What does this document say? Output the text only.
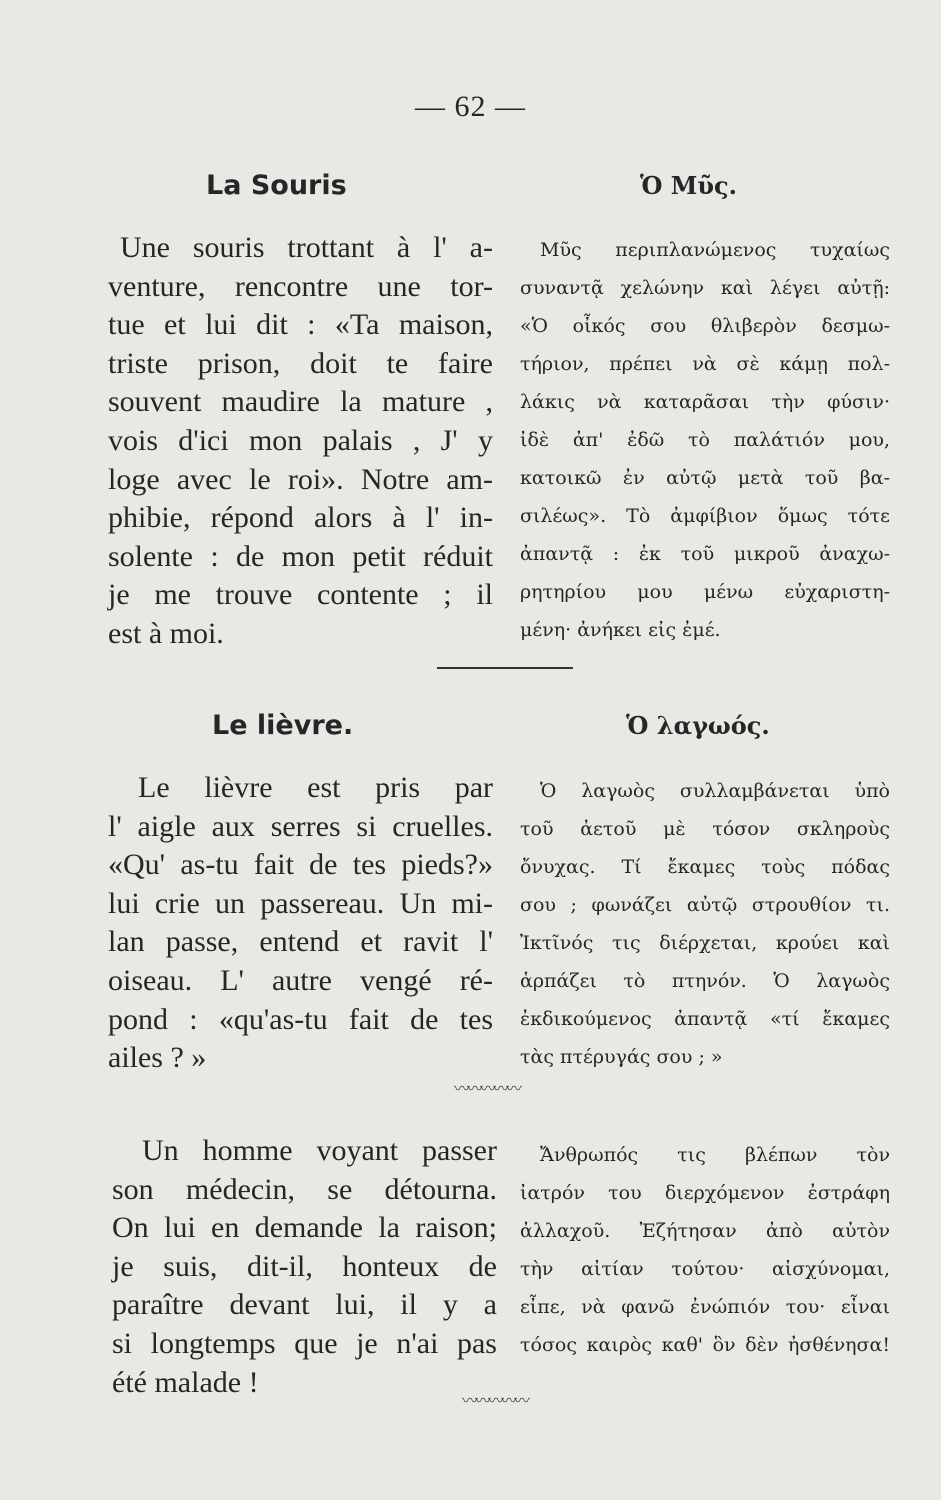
— 62 —
La Souris	Ὁ Μῦς.
Une souris trottant à l' a-
venture, rencontre une tor-
tue et lui dit : «Ta maison,
triste prison, doit te faire
souvent maudire la mature ,
vois d'ici mon palais , J' y
loge avec le roi». Notre am-
phibie, répond alors à l' in-
solente : de mon petit réduit
je me trouve contente ; il
est à moi.
Μῦς περιπλανώμενος τυχαίως
συναντᾷ χελώνην καὶ λέγει αὐτῇ:
«Ὁ οἶκός σου θλιβερὸν δεσμω-
τήριον, πρέπει νὰ σὲ κάμῃ πολ-
λάκις νὰ καταρᾶσαι τὴν φύσιν·
ἰδὲ ἀπ' ἐδῶ τὸ παλάτιόν μου,
κατοικῶ ἐν αὐτῷ μετὰ τοῦ βα-
σιλέως». Τὸ ἀμφίβιον ὅμως τότε
ἀπαντᾷ : ἐκ τοῦ μικροῦ ἀναχω-
ρητηρίου μου μένω εὐχαριστη-
μένη· ἀνήκει εἰς ἐμέ.
Le lièvre.	Ὁ λαγωός.
Le lièvre est pris par
l' aigle aux serres si cruelles.
«Qu' as-tu fait de tes pieds?»
lui crie un passereau. Un mi-
lan passe, entend et ravit l'
oiseau. L' autre vengé ré-
pond : «qu'as-tu fait de tes
ailes ? »
Ὁ λαγωὸς συλλαμβάνεται ὑπὸ
τοῦ ἀετοῦ μὲ τόσον σκληροὺς
ὄνυχας. Τί ἔκαμες τοὺς πόδας
σου ; φωνάζει αὐτῷ στρουθίον τι.
Ἰκτῖνός τις διέρχεται, κρούει καὶ
ἁρπάζει τὸ πτηνόν. Ὁ λαγωὸς
ἐκδικούμενος ἀπαντᾷ «τί ἔκαμες
τὰς πτέρυγάς σου ; »
〰〰〰〰〰
Un homme voyant passer
son médecin, se détourna.
On lui en demande la raison;
je suis, dit-il, honteux de
paraître devant lui, il y a
si longtemps que je n'ai pas
été malade !
Ἄνθρωπός τις βλέπων τὸν
ἰατρόν του διερχόμενον ἐστράφη
ἀλλαχοῦ. Ἐζήτησαν ἀπὸ αὐτὸν
τὴν αἰτίαν τούτου· αἰσχύνομαι,
εἶπε, νὰ φανῶ ἐνώπιόν του· εἶναι
τόσος καιρὸς καθ' ὃν δὲν ἠσθένησα!
〰〰〰〰〰
